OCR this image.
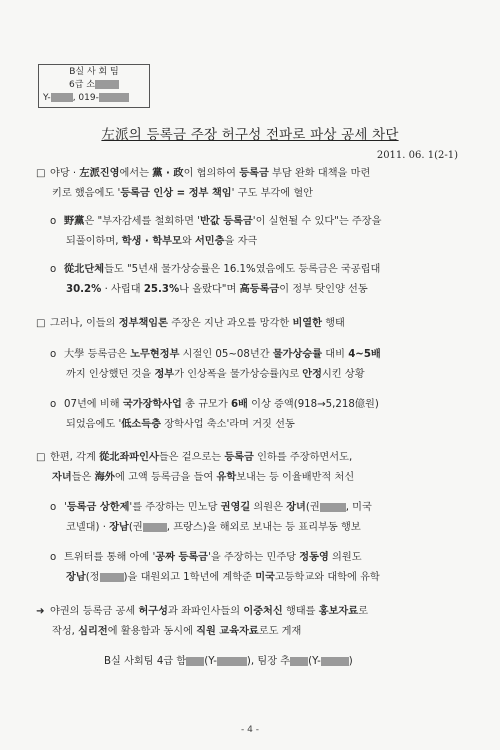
B실 사 회 팀
6급 소
Y- , 019-
左派의 등록금 주장 허구성 전파로 파상 공세 차단
2011. 06. 1(2-1)
□ 야당 · 左派진영에서는 黨 · 政이 협의하여 등록금 부담 완화 대책을 마련
키로 했음에도 '등록금 인상 = 정부 책임' 구도 부각에 혈안
o 野黨은 "부자감세를 철회하면 '반값 등록금'이 실현될 수 있다"는 주장을
되풀이하며, 학생 · 학부모와 서민층을 자극
o 從北단체들도 "5년새 물가상승률은 16.1%였음에도 등록금은 국공립대
30.2% · 사립대 25.3%나 올랐다"며 高등록금이 정부 탓인양 선동
□ 그러나, 이들의 정부책임론 주장은 지난 과오를 망각한 비열한 행태
o 大學 등록금은 노무현정부 시절인 05~08년간 물가상승률 대비 4~5배
까지 인상했던 것을 정부가 인상폭을 물가상승률內로 안정시킨 상황
o 07년에 비해 국가장학사업 총 규모가 6배 이상 증액(918→5,218億원)
되었음에도 '低소득층 장학사업 축소'라며 거짓 선동
□ 한편, 각계 從北좌파인사들은 겉으로는 등록금 인하를 주장하면서도,
자녀들은 海外에 고액 등록금을 들여 유학보내는 등 이율배반적 처신
o '등록금 상한제'를 주장하는 민노당 권영길 의원은 장녀(권	, 미국
코넬대) · 장남(권 , 프랑스)을 해외로 보내는 등 표리부동 행보
o 트위터를 통해 아예 '공짜 등록금'을 주장하는 민주당 정동영 의원도
장남(정 )을 대원외고 1학년에 계학준 미국고등학교와 대학에 유학
➜ 야권의 등록금 공세 허구성과 좌파인사들의 이중처신 행태를 홍보자료로
작성, 심리전에 활용함과 동시에 직원 교육자료로도 게재
B실 사회팀 4급 함 (Y-	), 팀장 추 (Y-	)
- 4 -
